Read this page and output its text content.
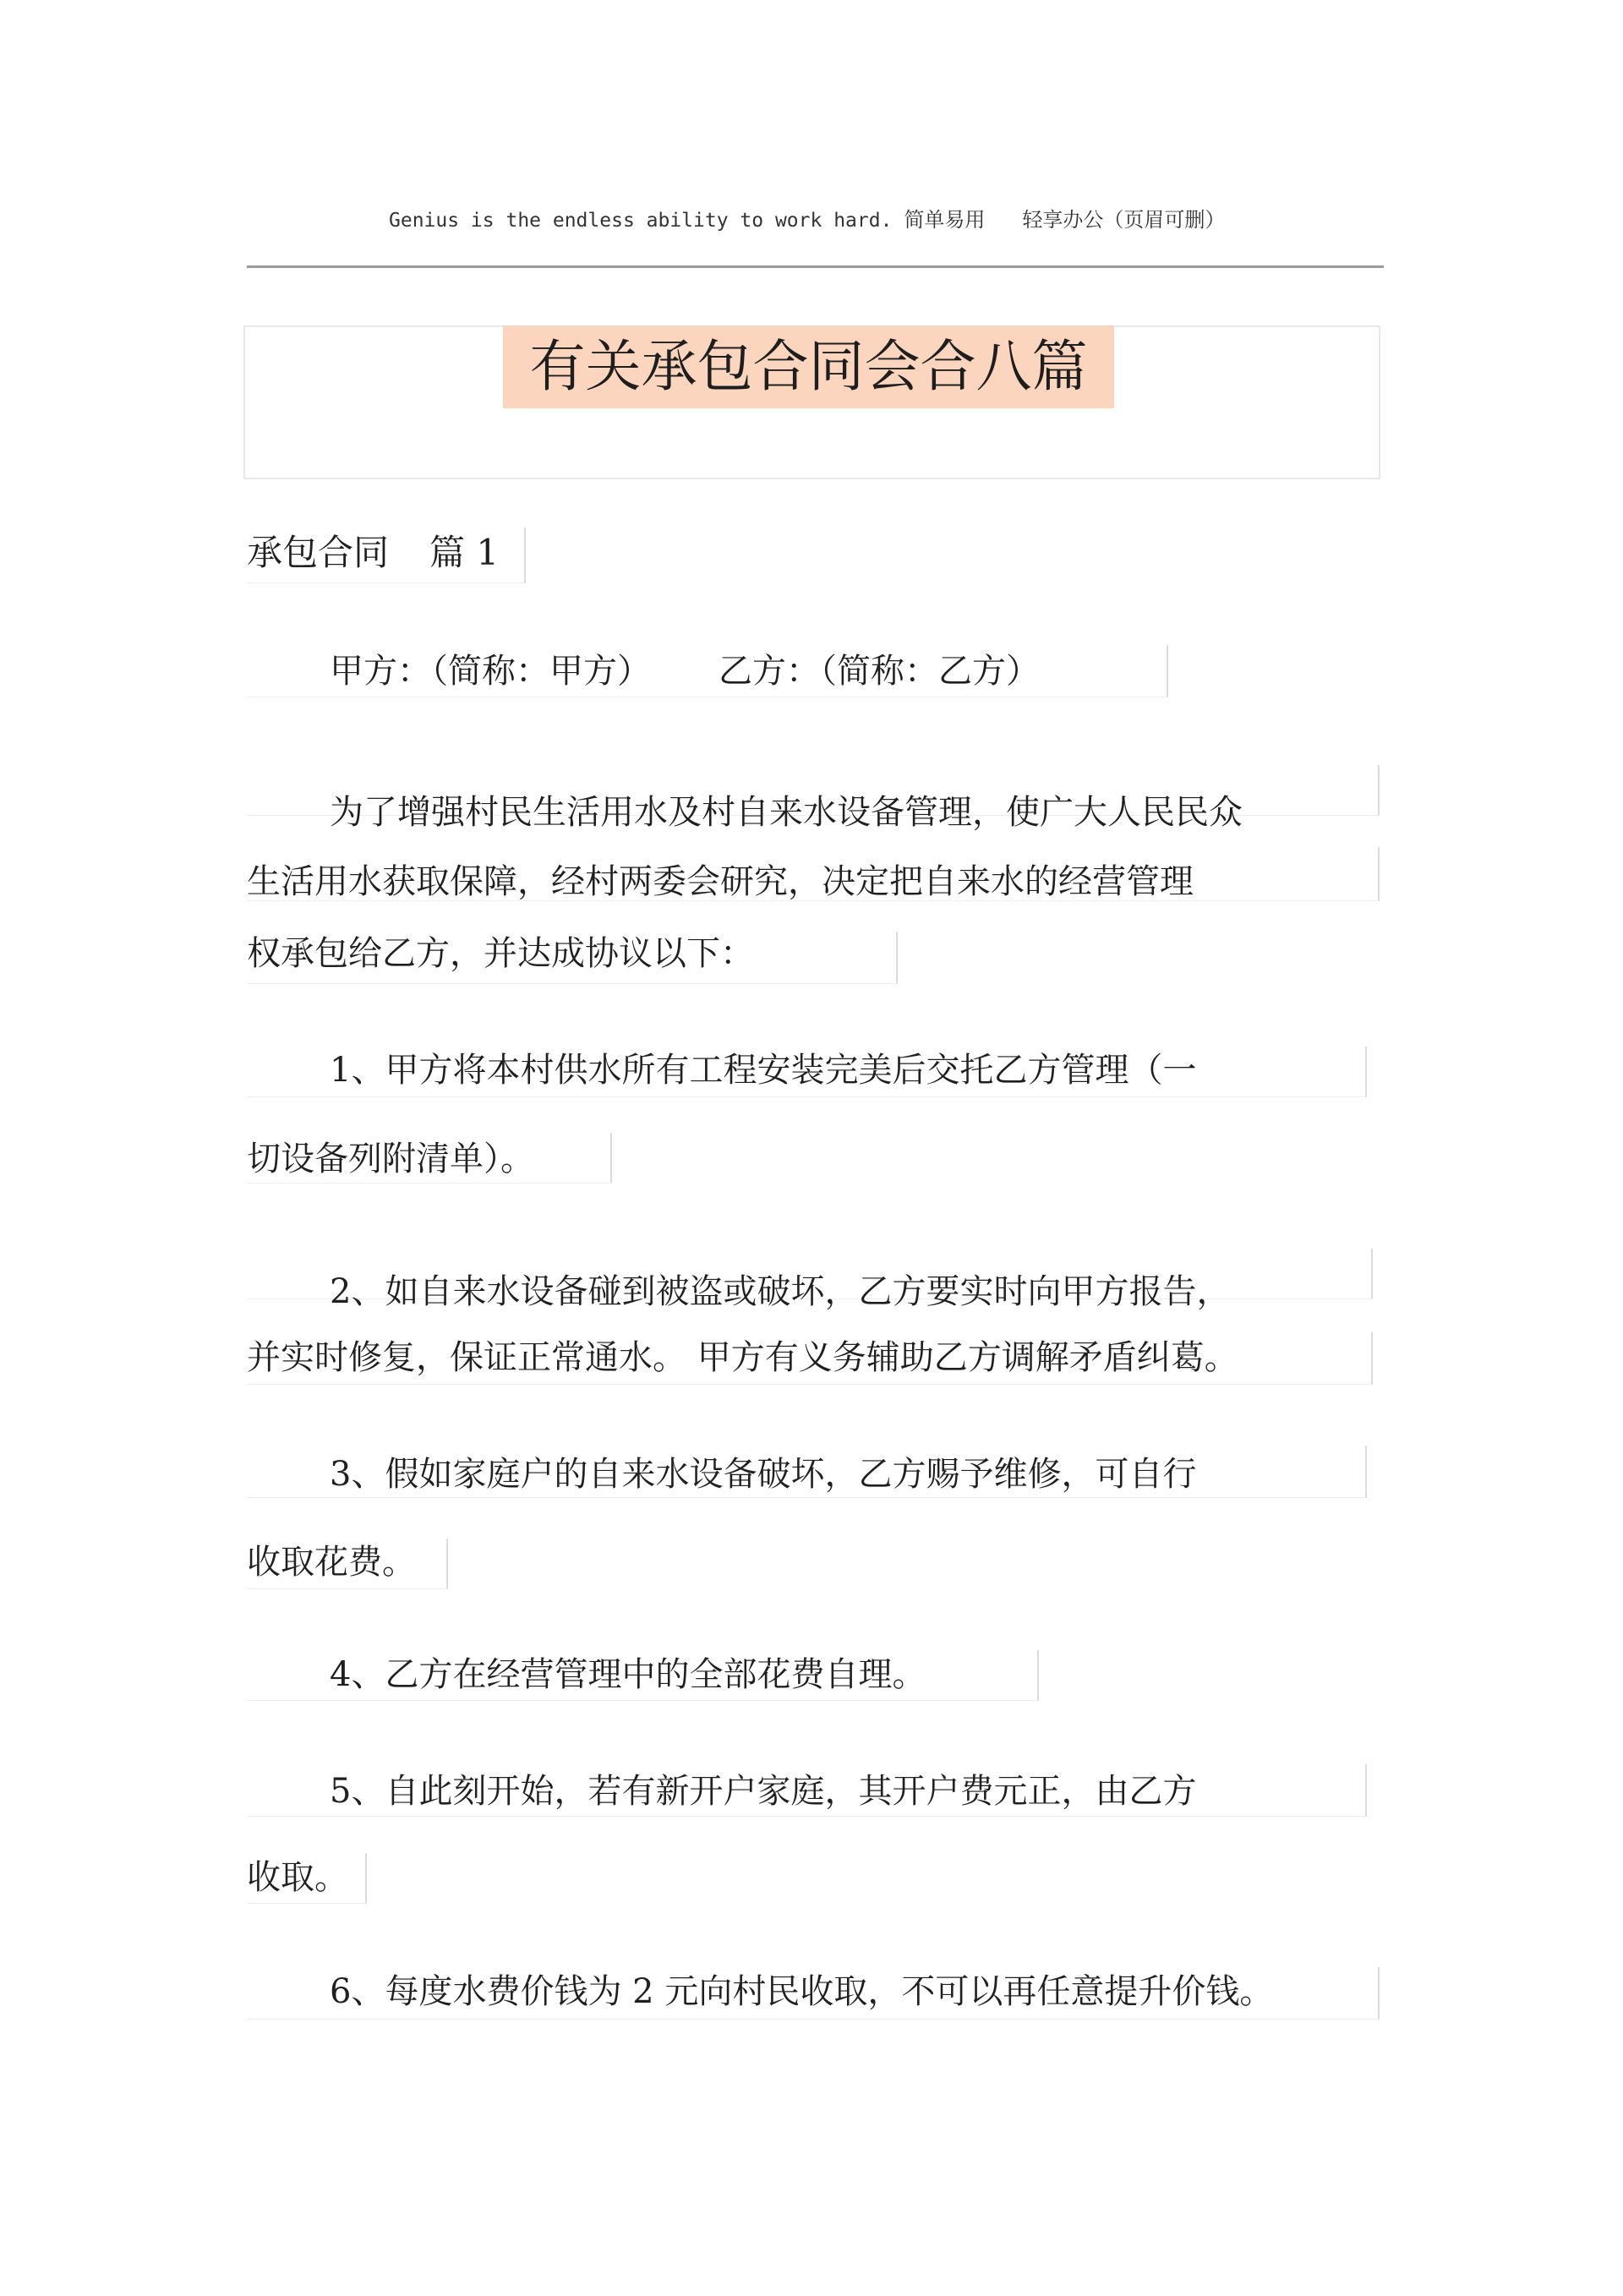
Genius is the endless ability to work hard. 简单易用 轻享办公（页眉可删）
有关承包合同会合八篇
承包合同 篇 1
甲方：（简称：甲方） 乙方：（简称：乙方）
为了增强村民生活用水及村自来水设备管理，使广大人民民众
生活用水获取保障，经村两委会研究，决定把自来水的经营管理
权承包给乙方，并达成协议以下：
1、甲方将本村供水所有工程安装完美后交托乙方管理（一
切设备列附清单）。
2、如自来水设备碰到被盗或破坏，乙方要实时向甲方报告，
并实时修复，保证正常通水。 甲方有义务辅助乙方调解矛盾纠葛。
3、假如家庭户的自来水设备破坏，乙方赐予维修，可自行
收取花费。
4、乙方在经营管理中的全部花费自理。
5、自此刻开始，若有新开户家庭，其开户费元正，由乙方
收取。
6、每度水费价钱为 2 元向村民收取，不可以再任意提升价钱。
